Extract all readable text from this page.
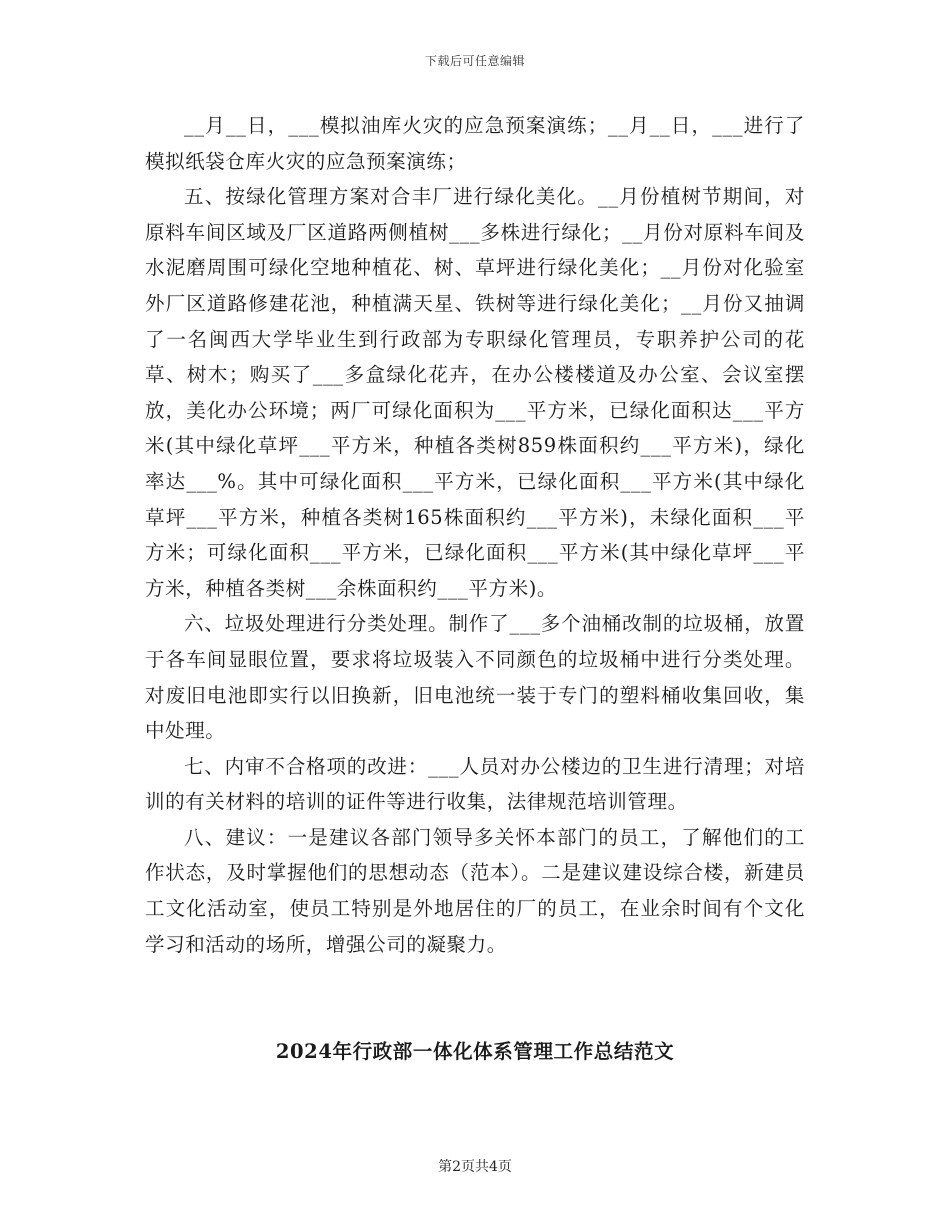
下载后可任意编辑

__月__日，___模拟油库火灾的应急预案演练；__月__日，___进行了模拟纸袋仓库火灾的应急预案演练；

五、按绿化管理方案对合丰厂进行绿化美化。__月份植树节期间，对原料车间区域及厂区道路两侧植树___多株进行绿化；__月份对原料车间及水泥磨周围可绿化空地种植花、树、草坪进行绿化美化；__月份对化验室外厂区道路修建花池，种植满天星、铁树等进行绿化美化；__月份又抽调了一名闽西大学毕业生到行政部为专职绿化管理员，专职养护公司的花草、树木；购买了___多盒绿化花卉，在办公楼楼道及办公室、会议室摆放，美化办公环境；两厂可绿化面积为___平方米，已绿化面积达___平方米(其中绿化草坪___平方米，种植各类树859株面积约___平方米)，绿化率达___%。其中可绿化面积___平方米，已绿化面积___平方米(其中绿化草坪___平方米，种植各类树165株面积约___平方米)，未绿化面积___平方米；可绿化面积___平方米，已绿化面积___平方米(其中绿化草坪___平方米，种植各类树___余株面积约___平方米)。

六、垃圾处理进行分类处理。制作了___多个油桶改制的垃圾桶，放置于各车间显眼位置，要求将垃圾装入不同颜色的垃圾桶中进行分类处理。对废旧电池即实行以旧换新，旧电池统一装于专门的塑料桶收集回收，集中处理。

七、内审不合格项的改进：___人员对办公楼边的卫生进行清理；对培训的有关材料的培训的证件等进行收集，法律规范培训管理。

八、建议：一是建议各部门领导多关怀本部门的员工，了解他们的工作状态，及时掌握他们的思想动态（范本）。二是建议建设综合楼，新建员工文化活动室，使员工特别是外地居住的厂的员工，在业余时间有个文化学习和活动的场所，增强公司的凝聚力。

2024年行政部一体化体系管理工作总结范文
第2页共4页
